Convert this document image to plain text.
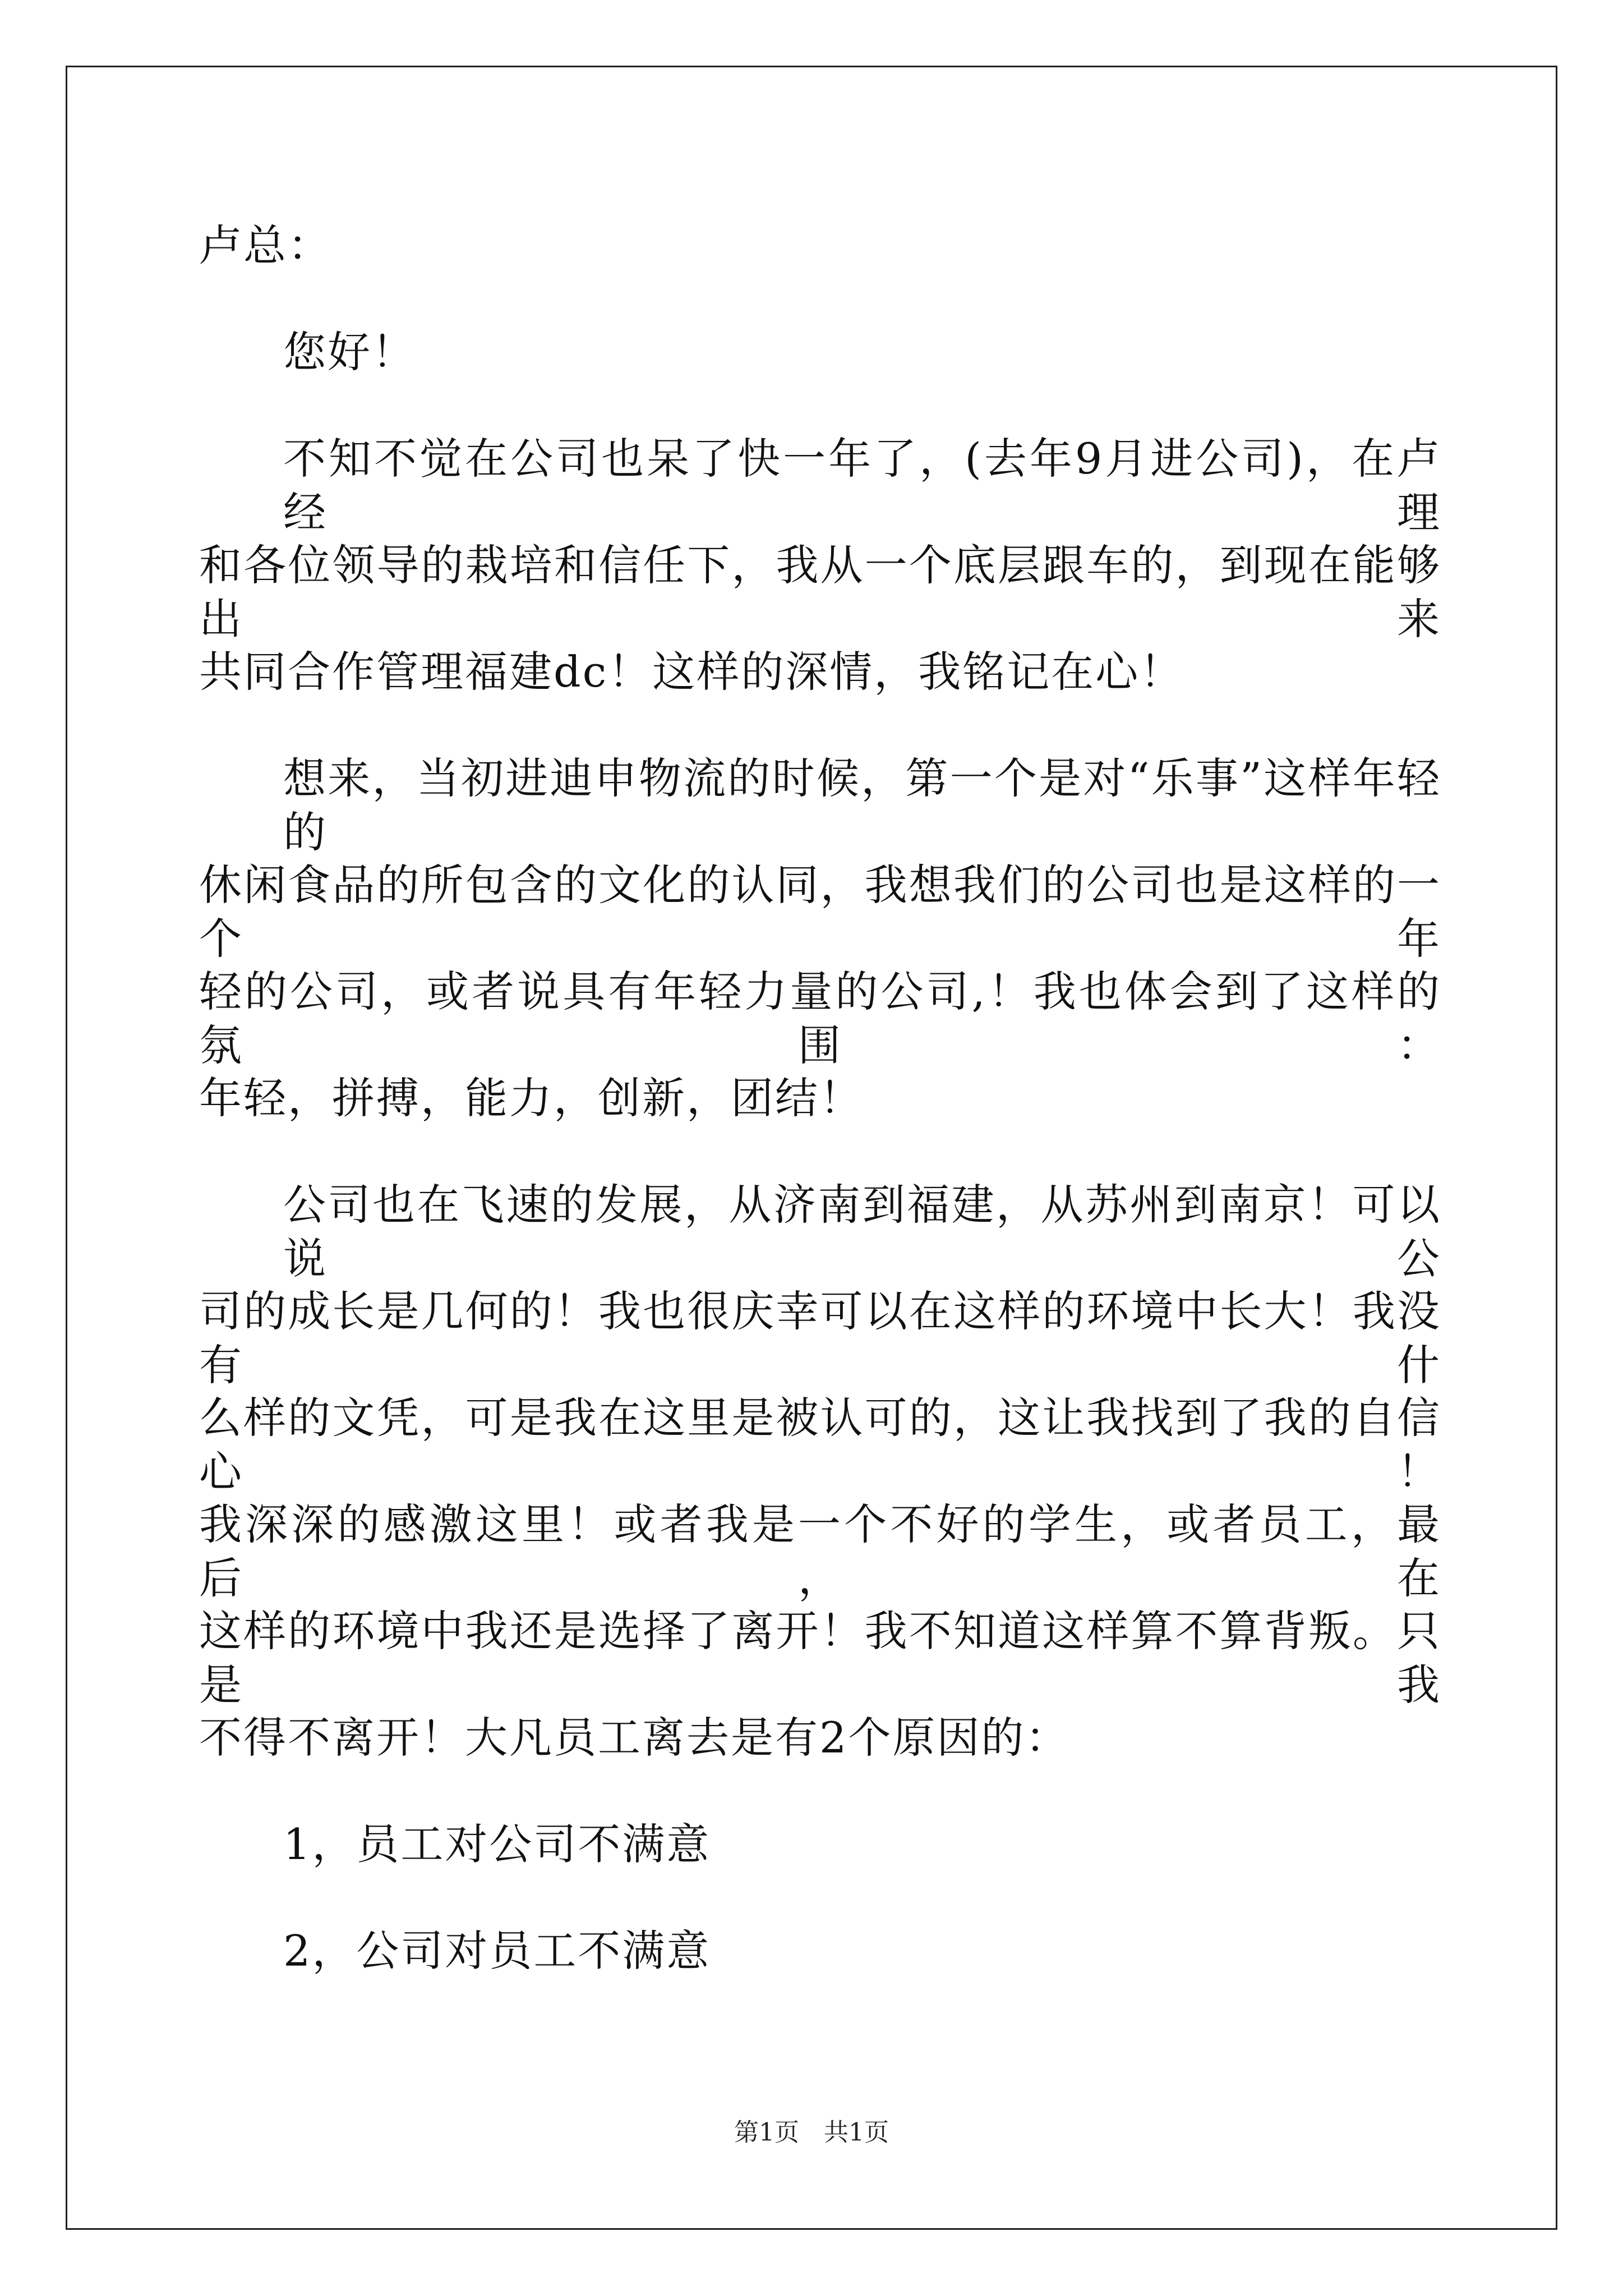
卢总：
您好！
不知不觉在公司也呆了快一年了，(去年9月进公司)，在卢经理
和各位领导的栽培和信任下，我从一个底层跟车的，到现在能够出来
共同合作管理福建dc！这样的深情，我铭记在心！
想来，当初进迪申物流的时候，第一个是对“乐事”这样年轻的
休闲食品的所包含的文化的认同，我想我们的公司也是这样的一个年
轻的公司，或者说具有年轻力量的公司,！我也体会到了这样的氛围：
年轻，拼搏，能力，创新，团结！
公司也在飞速的发展，从济南到福建，从苏州到南京！可以说公
司的成长是几何的！我也很庆幸可以在这样的环境中长大！我没有什
么样的文凭，可是我在这里是被认可的，这让我找到了我的自信心！
我深深的感激这里！或者我是一个不好的学生，或者员工，最后，在
这样的环境中我还是选择了离开！我不知道这样算不算背叛。只是我
不得不离开！大凡员工离去是有2个原因的：
1，员工对公司不满意
2，公司对员工不满意
第1页　共1页
